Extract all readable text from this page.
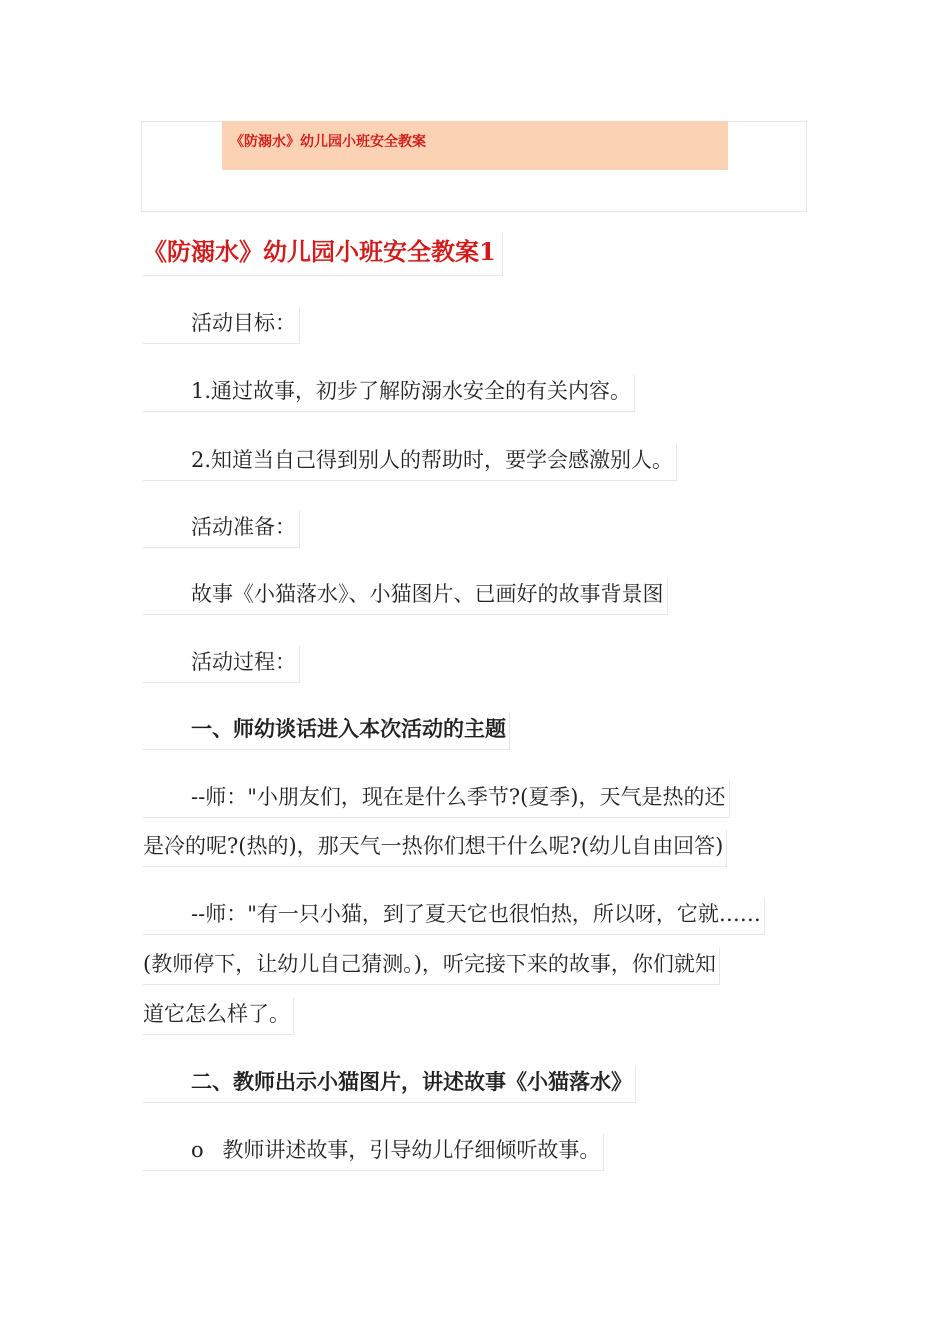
《防溺水》幼儿园小班安全教案
《防溺水》幼儿园小班安全教案1
活动目标：
1.通过故事，初步了解防溺水安全的有关内容。
2.知道当自己得到别人的帮助时，要学会感激别人。
活动准备：
故事《小猫落水》、小猫图片、已画好的故事背景图
活动过程：
一、师幼谈话进入本次活动的主题
--师："小朋友们，现在是什么季节?(夏季)，天气是热的还
是冷的呢?(热的)，那天气一热你们想干什么呢?(幼儿自由回答)
--师："有一只小猫，到了夏天它也很怕热，所以呀，它就……
(教师停下，让幼儿自己猜测。)，听完接下来的故事，你们就知
道它怎么样了。
二、教师出示小猫图片，讲述故事《小猫落水》
o 教师讲述故事，引导幼儿仔细倾听故事。
